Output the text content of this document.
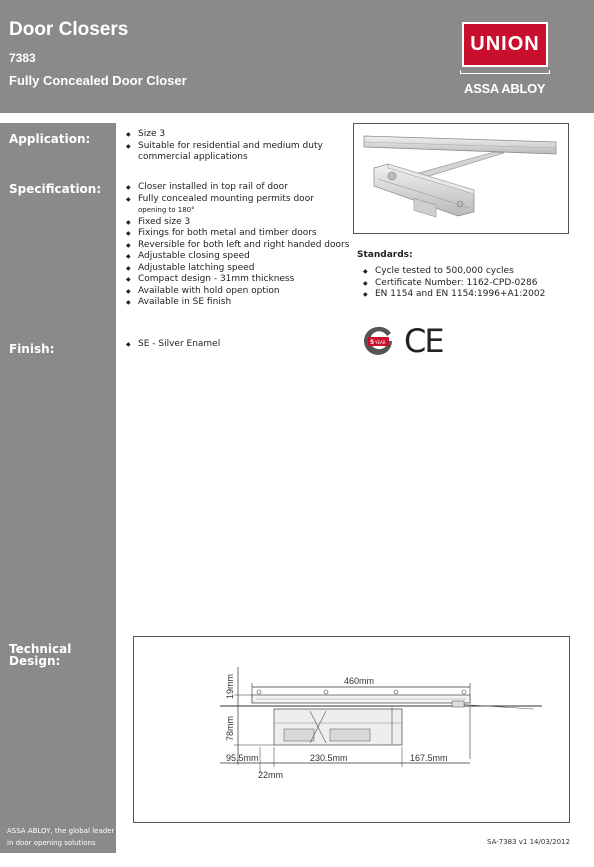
Door Closers
7383
Fully Concealed Door Closer
UNION
ASSA ABLOY
Application:
Specification:
Finish:
Technical
Design:
ASSA ABLOY, the global leader
in door opening solutions
◆ Size 3
◆ Suitable for residential and medium duty commercial applications
◆ Closer installed in top rail of door
◆ Fully concealed mounting permits door
opening to 180°
◆ Fixed size 3
◆ Fixings for both metal and timber doors
◆ Reversible for both left and right handed doors
◆ Adjustable closing speed
◆ Adjustable latching speed
◆ Compact design - 31mm thickness
◆ Available with hold open option
◆ Available in SE finish
◆ SE - Silver Enamel
Standards:
◆ Cycle tested to 500,000 cycles
◆ Certificate Number: 1162-CPD-0286
◆ EN 1154 and EN 1154:1996+A1:2002
5 YEAR CE
460mm
19mm
78mm
95.5mm	230.5mm	167.5mm
22mm
SA-7383 v1 14/03/2012
